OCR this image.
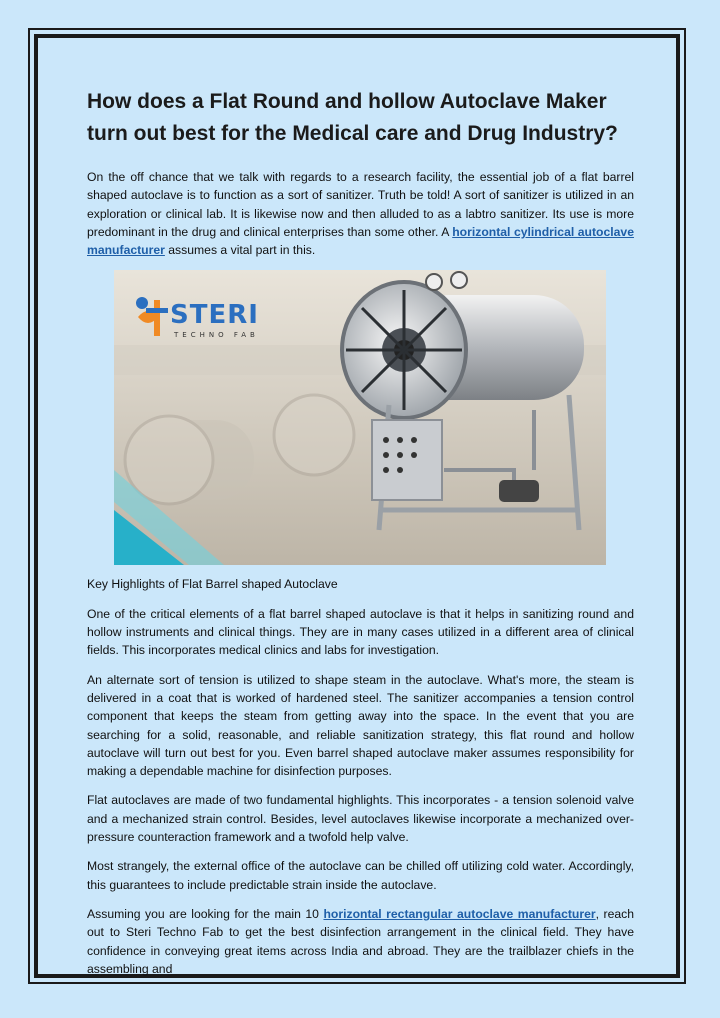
How does a Flat Round and hollow Autoclave Maker turn out best for the Medical care and Drug Industry?

On the off chance that we talk with regards to a research facility, the essential job of a flat barrel shaped autoclave is to function as a sort of sanitizer. Truth be told! A sort of sanitizer is utilized in an exploration or clinical lab. It is likewise now and then alluded to as a labtro sanitizer. Its use is more predominant in the drug and clinical enterprises than some other. A horizontal cylindrical autoclave manufacturer assumes a vital part in this.

STERI
TECHNO FAB

Key Highlights of Flat Barrel shaped Autoclave

One of the critical elements of a flat barrel shaped autoclave is that it helps in sanitizing round and hollow instruments and clinical things. They are in many cases utilized in a different area of clinical fields. This incorporates medical clinics and labs for investigation.

An alternate sort of tension is utilized to shape steam in the autoclave. What's more, the steam is delivered in a coat that is worked of hardened steel. The sanitizer accompanies a tension control component that keeps the steam from getting away into the space. In the event that you are searching for a solid, reasonable, and reliable sanitization strategy, this flat round and hollow autoclave will turn out best for you. Even barrel shaped autoclave maker assumes responsibility for making a dependable machine for disinfection purposes.

Flat autoclaves are made of two fundamental highlights. This incorporates - a tension solenoid valve and a mechanized strain control. Besides, level autoclaves likewise incorporate a mechanized over-pressure counteraction framework and a twofold help valve.

Most strangely, the external office of the autoclave can be chilled off utilizing cold water. Accordingly, this guarantees to include predictable strain inside the autoclave.

Assuming you are looking for the main 10 horizontal rectangular autoclave manufacturer, reach out to Steri Techno Fab to get the best disinfection arrangement in the clinical field. They have confidence in conveying great items across India and abroad. They are the trailblazer chiefs in the assembling and
